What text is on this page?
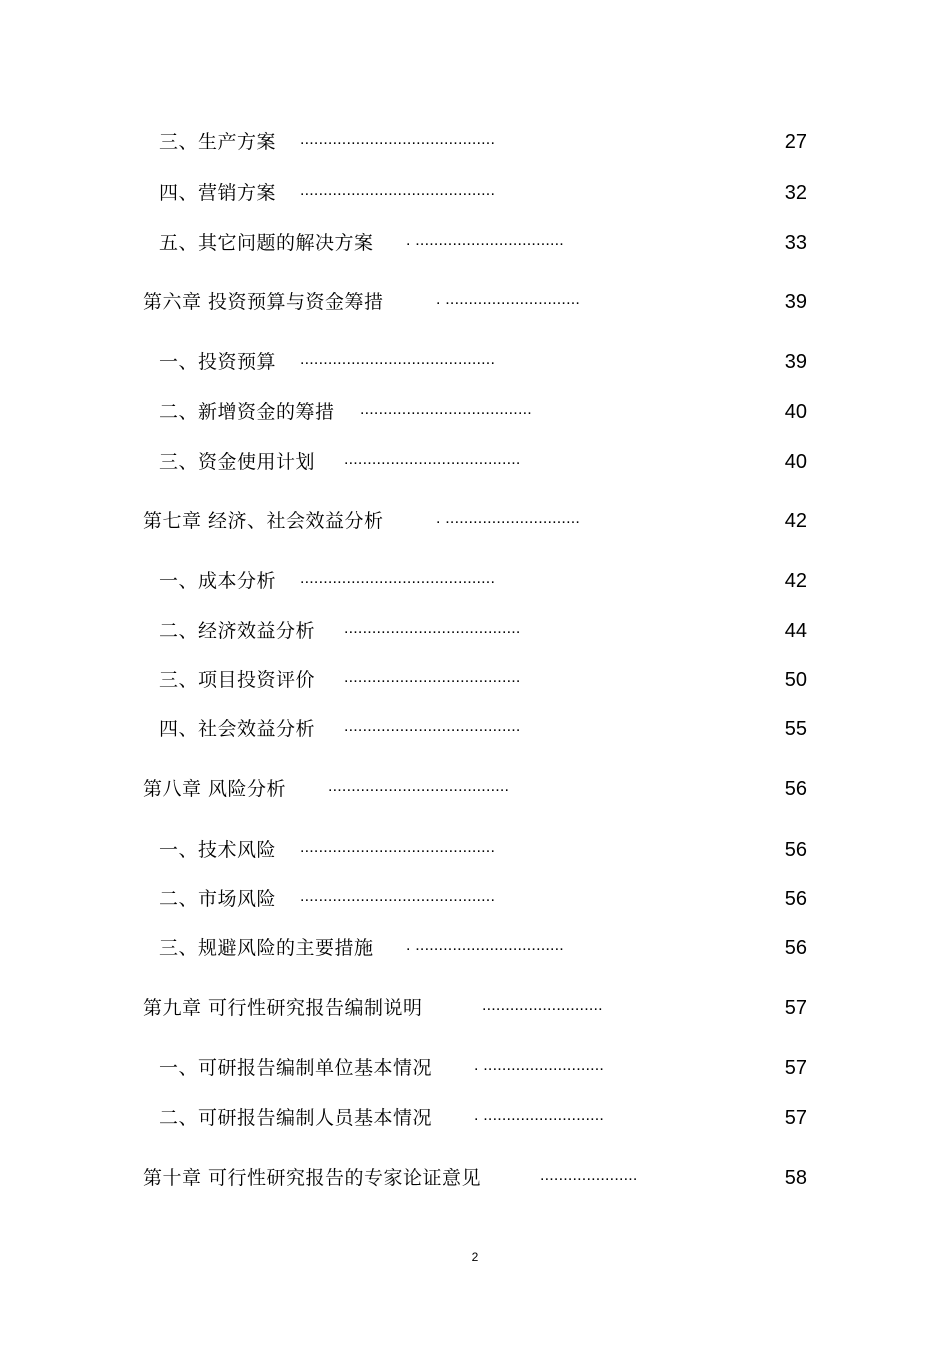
三、生产方案 ..........................................	27
四、营销方案 ..........................................	32
五、其它问题的解决方案 . ................................	33
第六章 投资预算与资金筹措	. .............................	39
一、投资预算 ..........................................	39
二、新增资金的筹措 .....................................	40
三、资金使用计划 ......................................	40
第七章 经济、社会效益分析	. .............................	42
一、成本分析 ..........................................	42
二、经济效益分析 ......................................	44
三、项目投资评价 ......................................	50
四、社会效益分析 ......................................	55
第八章 风险分析	.......................................	56
一、技术风险 ..........................................	56
二、市场风险 ..........................................	56
三、规避风险的主要措施 . ................................	56
第九章 可行性研究报告编制说明	..........................	57
一、可研报告编制单位基本情况	. ..........................	57
二、可研报告编制人员基本情况	. ..........................	57
第十章 可行性研究报告的专家论证意见	.....................	58
2
